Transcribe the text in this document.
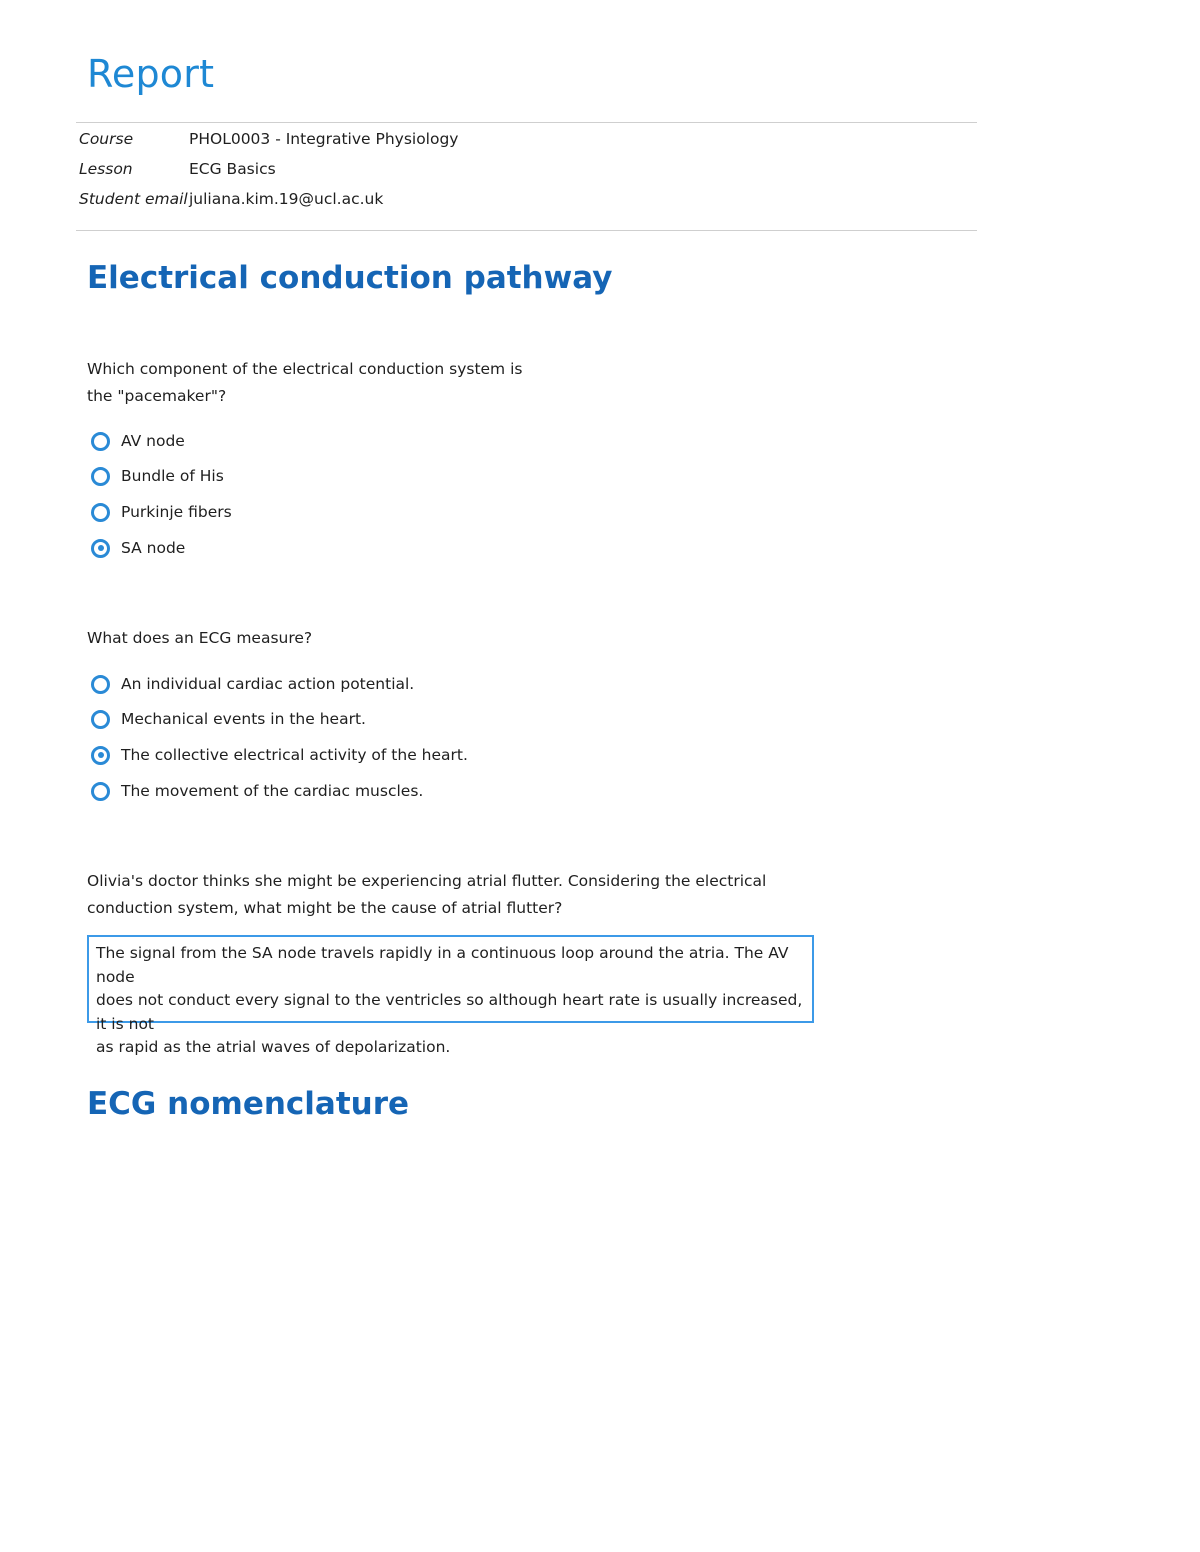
Report
Course	PHOL0003 - Integrative Physiology
Lesson	ECG Basics
Student email juliana.kim.19@ucl.ac.uk
Electrical conduction pathway
Which component of the electrical conduction system is
the "pacemaker"?
AV node
Bundle of His
Purkinje fibers
SA node
What does an ECG measure?
An individual cardiac action potential.
Mechanical events in the heart.
The collective electrical activity of the heart.
The movement of the cardiac muscles.
Olivia's doctor thinks she might be experiencing atrial flutter. Considering the electrical
conduction system, what might be the cause of atrial flutter?
The signal from the SA node travels rapidly in a continuous loop around the atria. The AV node
does not conduct every signal to the ventricles so although heart rate is usually increased, it is not
as rapid as the atrial waves of depolarization.
ECG nomenclature
